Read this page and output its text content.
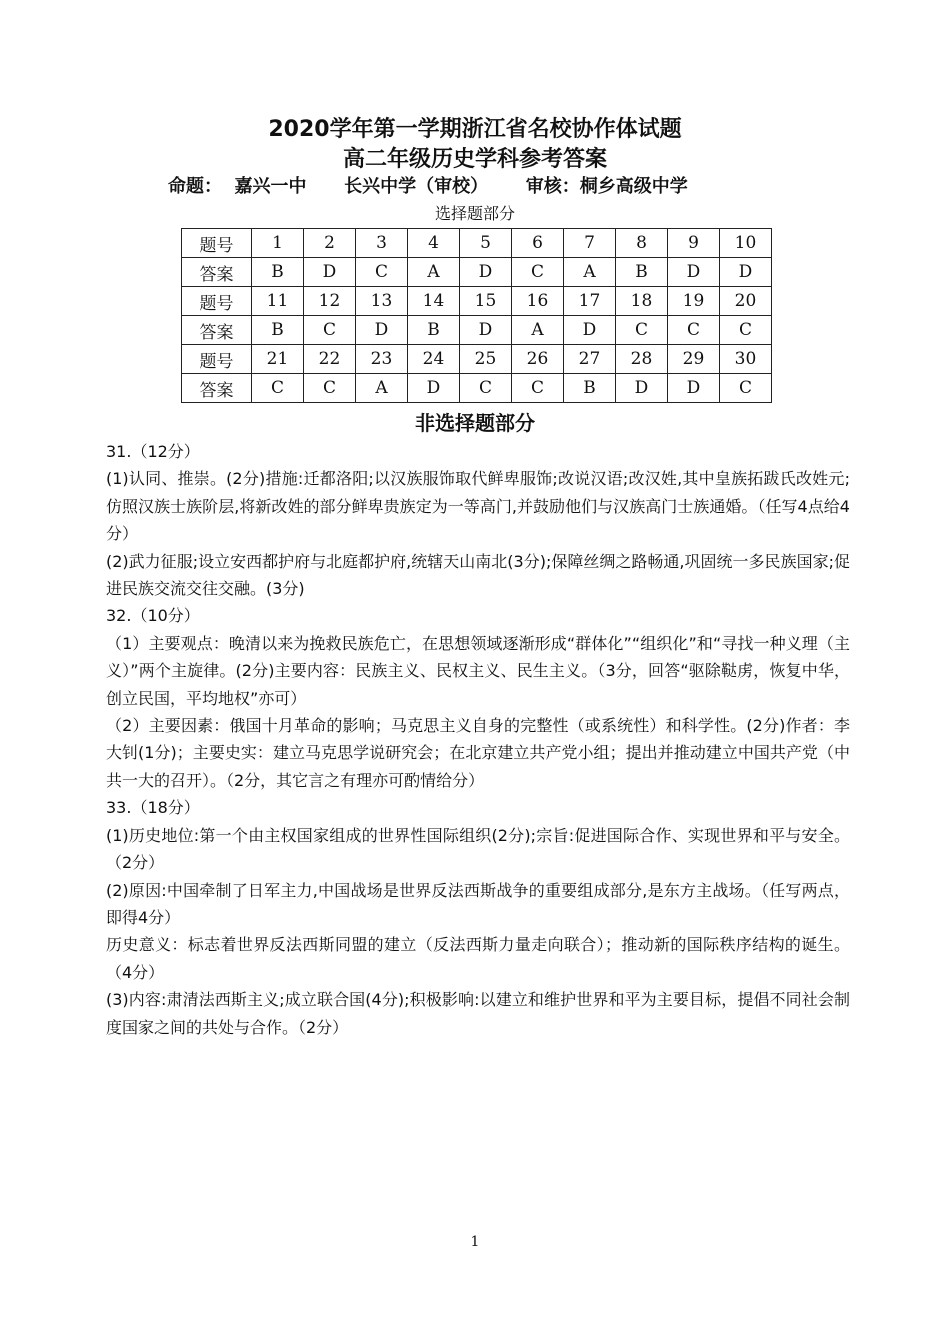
2020学年第一学期浙江省名校协作体试题
高二年级历史学科参考答案
命题：  嘉兴一中      长兴中学（审校）      审核：桐乡高级中学
选择题部分
题号	1	2	3	4	5	6	7	8	9	10
答案	B	D	C	A	D	C	A	B	D	D
题号	11	12	13	14	15	16	17	18	19	20
答案	B	C	D	B	D	A	D	C	C	C
题号	21	22	23	24	25	26	27	28	29	30
答案	C	C	A	D	C	C	B	D	D	C
非选择题部分

31.（12分）

(1)认同、推崇。(2分)措施:迁都洛阳;以汉族服饰取代鲜卑服饰;改说汉语;改汉姓,其中皇族拓跋氏改姓元;仿照汉族士族阶层,将新改姓的部分鲜卑贵族定为一等高门,并鼓励他们与汉族高门士族通婚。（任写4点给4分）

(2)武力征服;设立安西都护府与北庭都护府,统辖天山南北(3分);保障丝绸之路畅通,巩固统一多民族国家;促进民族交流交往交融。(3分)

32.（10分）

（1）主要观点：晚清以来为挽救民族危亡，在思想领域逐渐形成“群体化”“组织化”和“寻找一种义理（主义）”两个主旋律。(2分)主要内容：民族主义、民权主义、民生主义。（3分，回答“驱除鞑虏，恢复中华，创立民国，平均地权”亦可）

（2）主要因素：俄国十月革命的影响；马克思主义自身的完整性（或系统性）和科学性。(2分)作者：李大钊(1分)；主要史实：建立马克思学说研究会；在北京建立共产党小组；提出并推动建立中国共产党（中共一大的召开）。（2分，其它言之有理亦可酌情给分）

33.（18分）

(1)历史地位:第一个由主权国家组成的世界性国际组织(2分);宗旨:促进国际合作、实现世界和平与安全。（2分）

(2)原因:中国牵制了日军主力,中国战场是世界反法西斯战争的重要组成部分,是东方主战场。（任写两点，即得4分）

历史意义：标志着世界反法西斯同盟的建立（反法西斯力量走向联合）；推动新的国际秩序结构的诞生。（4分）

(3)内容:肃清法西斯主义;成立联合国(4分);积极影响:以建立和维护世界和平为主要目标，提倡不同社会制度国家之间的共处与合作。（2分）

1
